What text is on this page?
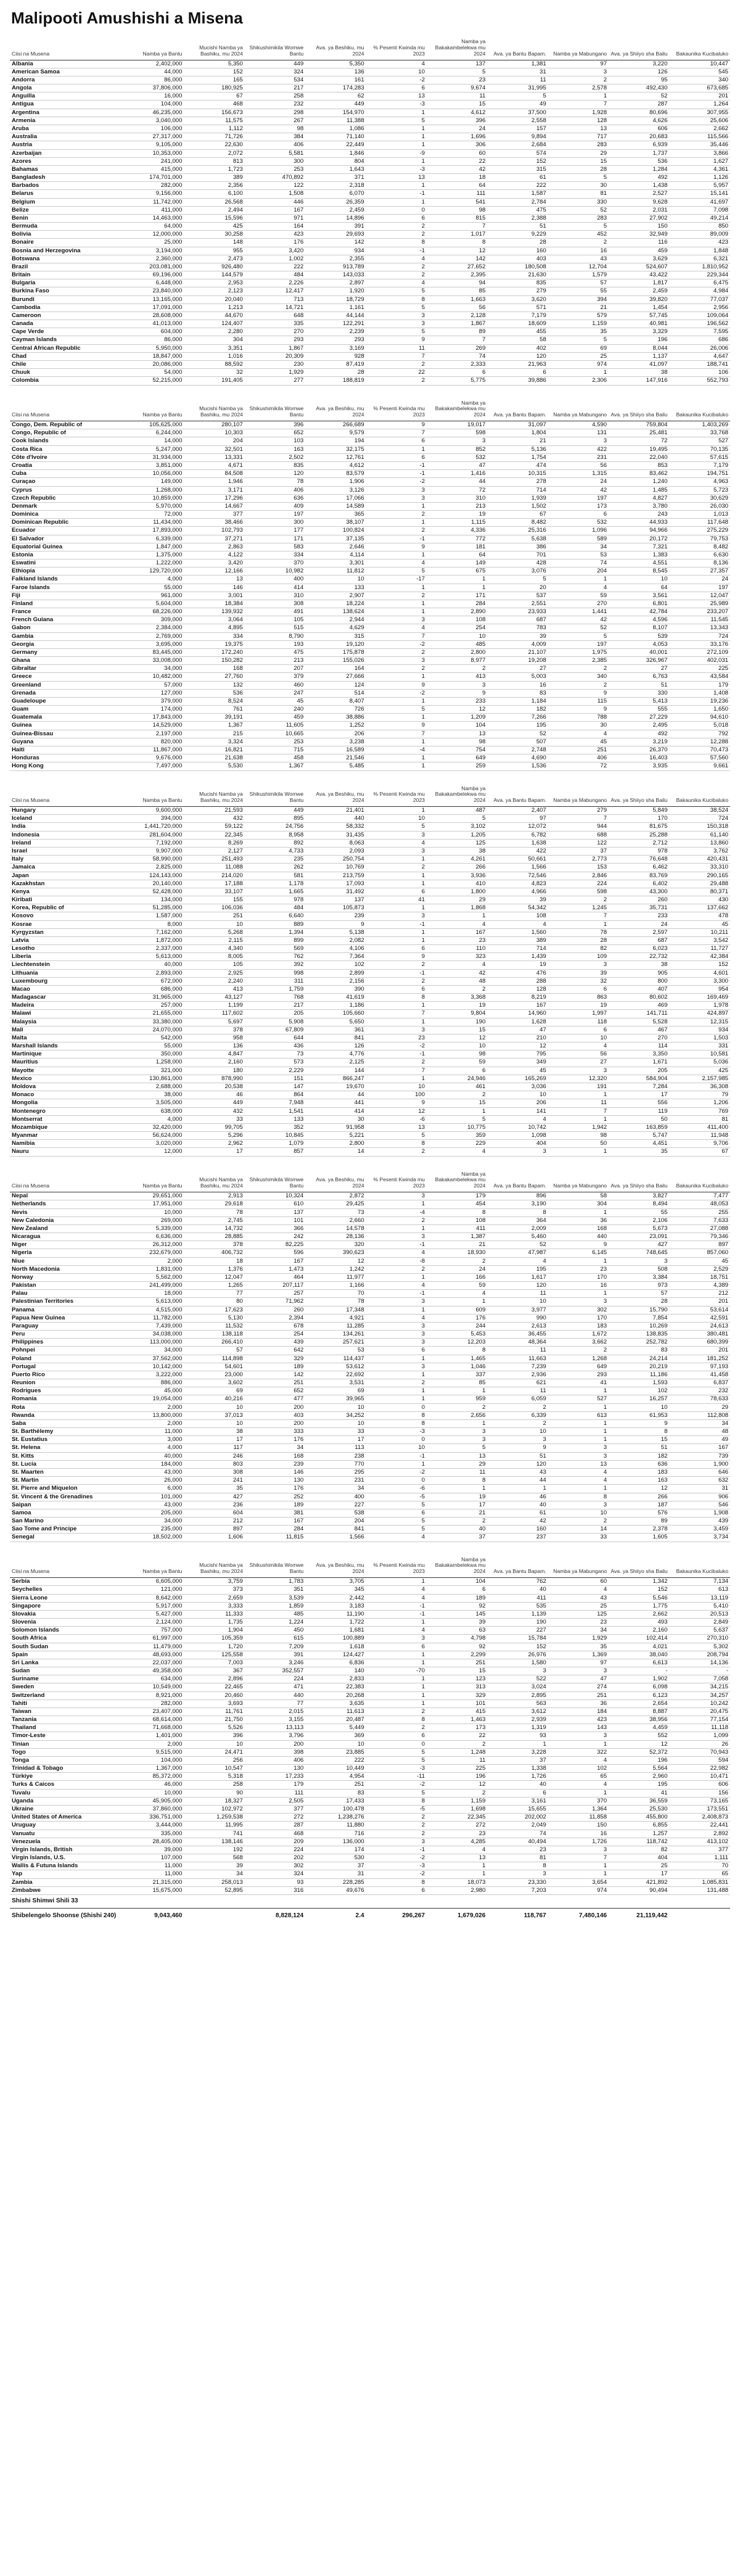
Malipooti Amushishi a Misena
Ciisi na Musena	Namba ya Bantu	Mucishi Namba ya Bashiku, mu 2024	Shikushimikila Womwe Bantu	Ava. ya Beshiku, mu 2024	% Pesenti Kwinda mu 2023	Namba ya Bakakambelekwa mu 2024	Ava. ya Bantu Bapam.	Namba ya Mabungano	Ava. ya Shiiyo sha Bailu	Bakaunika Kucibaluko
Albania	2,402,000	5,350	449	5,350	4	137	1,381	97	3,220	10,447
American Samoa	44,000	152	324	136	10	5	31	3	126	545
Andorra	86,000	165	534	161	-2	23	11	2	95	340
Angola	37,806,000	180,925	217	174,283	6	9,674	31,995	2,578	492,430	673,685
Anguilla	16,000	67	258	62	13	11	5	1	52	201
Antigua	104,000	468	232	449	-3	15	49	7	287	1,264
Argentina	46,235,000	156,673	298	154,970	1	4,612	37,500	1,928	80,696	307,955
Armenia	3,040,000	11,575	267	11,388	5	396	2,558	128	4,626	25,606
Aruba	106,000	1,112	98	1,086	1	24	157	13	606	2,662
Australia	27,317,000	71,726	384	71,140	1	1,696	9,894	717	20,683	115,566
Austria	9,105,000	22,630	406	22,449	1	306	2,684	283	6,939	35,446
Azerbaijan	10,353,000	2,072	5,581	1,846	-9	60	574	29	1,737	3,866
Azores	241,000	813	300	804	1	22	152	15	536	1,627
Bahamas	415,000	1,723	253	1,643	-3	42	315	28	1,284	4,361
Bangladesh	174,701,000	389	470,892	371	13	18	61	5	492	1,126
Barbados	282,000	2,356	122	2,318	1	64	222	30	1,438	5,957
Belarus	9,156,000	6,100	1,508	6,070	-1	111	1,587	81	2,527	15,141
Belgium	11,742,000	26,568	446	26,359	1	541	2,784	330	9,628	41,697
Belize	411,000	2,494	167	2,459	0	98	475	52	2,031	7,098
Benin	14,463,000	15,596	971	14,896	6	815	2,388	283	27,902	49,214
Bermuda	64,000	425	164	391	2	7	51	5	150	850
Bolivia	12,000,000	30,258	423	29,693	2	1,017	9,229	452	32,949	89,009
Bonaire	25,000	148	176	142	8	8	28	2	116	423
Bosnia and Herzegovina	3,194,000	955	3,420	934	-1	12	160	16	459	1,848
Botswana	2,360,000	2,473	1,002	2,355	4	142	403	43	3,629	6,321
Brazil	203,081,000	926,480	222	913,789	2	27,652	180,508	12,704	524,607	1,810,952
Britain	69,196,000	144,579	484	143,033	2	2,395	21,630	1,579	43,422	229,344
Bulgaria	6,448,000	2,953	2,226	2,897	4	94	835	57	1,817	6,475
Burkina Faso	23,840,000	2,123	12,417	1,920	5	85	279	55	2,459	4,984
Burundi	13,165,000	20,040	713	18,729	8	1,663	3,620	394	39,820	77,037
Cambodia	17,091,000	1,213	14,721	1,161	5	56	571	21	1,454	2,956
Cameroon	28,608,000	44,670	648	44,144	3	2,128	7,179	579	57,745	109,064
Canada	41,013,000	124,407	335	122,291	3	1,867	18,609	1,159	40,981	196,562
Cape Verde	604,000	2,280	270	2,239	5	89	455	35	3,329	7,595
Cayman Islands	86,000	304	293	293	9	7	58	5	196	686
Central African Republic	5,950,000	3,351	1,867	3,169	11	269	402	69	8,044	26,006
Chad	18,847,000	1,016	20,309	928	7	74	120	25	1,137	4,647
Chile	20,086,000	88,592	230	87,419	2	2,333	21,963	974	41,097	188,741
Chuuk	54,000	32	1,929	28	22	6	6	1	38	106
Colombia	52,215,000	191,405	277	188,819	2	5,775	39,886	2,306	147,916	552,793
Ciisi na Musena	Namba ya Bantu	Mucishi Namba ya Bashiku, mu 2024	Shikushimikila Womwe Bantu	Ava. ya Beshiku, mu 2024	% Pesenti Kwinda mu 2023	Namba ya Bakakambelekwa mu 2024	Ava. ya Bantu Bapam.	Namba ya Mabungano	Ava. ya Shiiyo sha Bailu	Bakaunika Kucibaluko
Congo, Dem. Republic of	105,625,000	280,107	396	266,689	9	19,017	31,097	4,590	759,804	1,403,269
Congo, Republic of	6,244,000	10,303	652	9,579	7	598	1,804	131	25,481	33,768
Cook Islands	14,000	204	103	194	6	3	21	3	72	527
Costa Rica	5,247,000	32,501	163	32,175	1	852	5,136	422	19,495	70,135
Côte d'Ivoire	31,934,000	13,331	2,502	12,761	6	532	1,754	231	22,040	57,615
Croatia	3,851,000	4,671	835	4,612	-1	47	474	56	853	7,179
Cuba	10,056,000	84,508	120	83,579	-1	1,416	10,315	1,315	83,462	194,751
Curaçao	149,000	1,946	78	1,906	-2	44	278	24	1,240	4,963
Cyprus	1,268,000	3,171	406	3,126	3	72	714	42	1,485	5,723
Czech Republic	10,859,000	17,296	636	17,066	3	310	1,939	197	4,827	30,629
Denmark	5,970,000	14,667	409	14,589	1	213	1,502	173	3,780	26,030
Dominica	72,000	377	197	365	2	19	67	6	243	1,013
Dominican Republic	11,434,000	38,466	300	38,107	1	1,115	8,482	532	44,933	117,648
Ecuador	17,893,000	102,793	177	100,824	2	4,336	25,316	1,096	94,966	275,229
El Salvador	6,339,000	37,271	171	37,135	-1	772	5,638	589	20,172	79,753
Equatorial Guinea	1,847,000	2,863	583	2,646	9	181	386	34	7,321	8,482
Estonia	1,375,000	4,122	334	4,114	1	64	701	53	1,383	6,630
Eswatini	1,222,000	3,420	370	3,301	4	149	428	74	4,551	8,136
Ethiopia	129,720,000	12,166	10,982	11,812	5	675	3,076	204	8,545	27,357
Falkland Islands	4,000	13	400	10	-17	1	5	1	10	24
Faroe Islands	55,000	146	414	133	1	1	20	4	64	197
Fiji	961,000	3,001	310	2,907	2	171	537	59	3,561	12,047
Finland	5,604,000	18,384	308	18,224	1	284	2,551	270	6,801	25,989
France	68,226,000	139,932	491	138,624	1	2,890	23,933	1,441	42,784	233,207
French Guiana	309,000	3,064	105	2,944	3	108	687	42	4,596	11,545
Gabon	2,384,000	4,895	515	4,629	4	254	783	52	8,107	13,343
Gambia	2,769,000	334	8,790	315	7	10	39	5	539	724
Georgia	3,695,000	19,375	193	19,120	-2	485	4,009	197	4,053	33,176
Germany	83,445,000	172,240	475	175,878	2	2,800	21,107	1,975	40,001	272,109
Ghana	33,008,000	150,282	213	155,026	3	8,977	19,208	2,385	326,967	402,031
Gibraltar	34,000	168	207	164	2	2	27	2	27	225
Greece	10,482,000	27,760	379	27,666	1	413	5,003	340	6,763	43,584
Greenland	57,000	132	460	124	9	3	16	2	51	179
Grenada	127,000	536	247	514	-2	9	83	9	330	1,408
Guadeloupe	379,000	8,524	45	8,407	1	233	1,184	115	5,413	19,236
Guam	174,000	761	240	726	5	12	182	9	555	1,650
Guatemala	17,843,000	39,191	459	38,886	1	1,209	7,266	788	27,229	94,610
Guinea	14,529,000	1,367	11,605	1,252	9	104	195	30	2,495	5,018
Guinea-Bissau	2,197,000	215	10,665	206	7	13	52	4	492	792
Guyana	820,000	3,324	253	3,238	1	98	507	45	3,219	12,288
Haiti	11,867,000	16,821	715	16,589	-4	754	2,748	251	26,370	70,473
Honduras	9,676,000	21,638	458	21,546	1	649	4,690	406	16,403	57,560
Hong Kong	7,497,000	5,530	1,367	5,485	1	259	1,536	72	3,935	9,661
Ciisi na Musena	Namba ya Bantu	Mucishi Namba ya Bashiku, mu 2024	Shikushimikila Womwe Bantu	Ava. ya Beshiku, mu 2024	% Pesenti Kwinda mu 2023	Namba ya Bakakambelekwa mu 2024	Ava. ya Bantu Bapam.	Namba ya Mabungano	Ava. ya Shiiyo sha Bailu	Bakaunika Kucibaluko
Hungary	9,600,000	21,593	449	21,401	1	487	2,407	279	5,849	38,524
Iceland	394,000	432	895	440	10	5	97	7	170	724
India	1,441,720,000	59,122	24,756	58,332	5	3,102	12,072	944	81,675	150,318
Indonesia	281,604,000	22,345	8,958	31,435	3	1,205	6,782	688	25,288	61,140
Ireland	7,192,000	8,269	892	8,063	4	125	1,638	122	2,712	13,860
Israel	9,907,000	2,127	4,733	2,093	3	38	422	37	978	3,762
Italy	58,990,000	251,493	235	250,754	1	4,261	50,661	2,773	76,648	420,431
Jamaica	2,825,000	11,088	262	10,769	2	266	1,566	153	6,462	33,310
Japan	124,143,000	214,020	581	213,759	1	3,936	72,546	2,846	83,769	290,165
Kazakhstan	20,140,000	17,188	1,178	17,093	1	410	4,823	224	6,402	29,488
Kenya	52,428,000	33,107	1,665	31,492	6	1,800	4,966	598	43,300	80,371
Kiribati	134,000	155	978	137	41	29	39	2	260	430
Korea, Republic of	51,285,000	106,036	484	105,873	1	1,868	54,342	1,245	35,731	137,662
Kosovo	1,587,000	251	6,640	239	3	1	108	7	233	478
Kosrae	8,000	10	889	9	-1	4	4	1	24	45
Kyrgyzstan	7,162,000	5,268	1,394	5,138	1	167	1,560	78	2,597	10,211
Latvia	1,872,000	2,115	899	2,082	1	23	389	28	687	3,542
Lesotho	2,337,000	4,340	569	4,106	6	110	714	82	6,023	11,727
Liberia	5,613,000	8,005	762	7,364	9	323	1,439	109	22,732	42,384
Liechtenstein	40,000	105	392	102	2	4	19	3	38	152
Lithuania	2,893,000	2,925	998	2,899	-1	42	476	39	905	4,601
Luxembourg	672,000	2,240	311	2,156	2	48	288	32	800	3,300
Macao	686,000	413	1,759	390	6	2	128	6	407	954
Madagascar	31,965,000	43,127	768	41,619	8	3,368	8,219	863	80,602	169,469
Madeira	257,000	1,199	217	1,186	1	19	167	19	469	1,978
Malawi	21,655,000	117,602	205	105,660	7	9,804	14,960	1,997	141,711	424,897
Malaysia	33,380,000	5,697	5,908	5,650	1	190	1,628	118	5,528	12,315
Mali	24,070,000	378	67,809	361	3	15	47	6	467	934
Malta	542,000	958	644	841	23	12	210	10	270	1,503
Marshall Islands	55,000	136	436	126	-2	10	12	4	114	331
Martinique	350,000	4,847	73	4,776	-1	98	795	56	3,350	10,581
Mauritius	1,258,000	2,160	573	2,125	2	59	349	27	1,671	5,036
Mayotte	321,000	180	2,229	144	7	6	45	3	205	425
Mexico	130,861,000	878,990	151	866,247	1	24,946	165,269	12,320	584,904	2,157,985
Moldova	2,688,000	20,538	147	19,670	10	461	3,036	191	7,284	36,308
Monaco	38,000	46	864	44	100	2	10	1	17	79
Mongolia	3,505,000	449	7,948	441	9	15	206	11	556	1,206
Montenegro	638,000	432	1,541	414	12	1	141	7	119	769
Montserrat	4,000	33	133	30	-6	5	4	1	50	81
Mozambique	32,420,000	99,705	352	91,958	13	10,775	10,742	1,942	163,859	411,400
Myanmar	56,624,000	5,296	10,845	5,221	5	359	1,098	98	5,747	11,948
Namibia	3,020,000	2,962	1,079	2,800	8	229	404	50	4,451	9,706
Nauru	12,000	17	857	14	2	4	3	1	35	67
Ciisi na Musena	Namba ya Bantu	Mucishi Namba ya Bashiku, mu 2024	Shikushimikila Womwe Bantu	Ava. ya Beshiku, mu 2024	% Pesenti Kwinda mu 2023	Namba ya Bakakambelekwa mu 2024	Ava. ya Bantu Bapam.	Namba ya Mabungano	Ava. ya Shiiyo sha Bailu	Bakaunika Kucibaluko
Nepal	29,651,000	2,913	10,324	2,872	3	179	896	58	3,827	7,477
Netherlands	17,951,000	29,618	610	29,425	1	454	3,190	304	8,494	48,053
Nevis	10,000	78	137	73	-4	8	8	1	55	255
New Caledonia	269,000	2,745	101	2,660	2	108	364	36	2,106	7,633
New Zealand	5,339,000	14,732	366	14,578	1	411	2,009	168	5,673	27,088
Nicaragua	6,636,000	28,885	242	28,136	3	1,387	5,460	440	23,091	79,346
Niger	26,312,000	378	82,225	320	-1	21	52	9	427	897
Nigeria	232,679,000	406,732	596	390,623	4	18,930	47,987	6,145	748,645	857,060
Niue	2,000	18	167	12	-8	2	4	1	3	45
North Macedonia	1,831,000	1,376	1,473	1,242	2	24	195	23	508	2,529
Norway	5,562,000	12,047	464	11,977	1	166	1,617	170	3,384	18,751
Pakistan	241,499,000	1,265	207,117	1,166	4	59	120	16	973	4,389
Palau	18,000	77	257	70	-1	4	11	1	57	212
Palestinian Territories	5,613,000	80	71,962	78	3	1	10	3	28	201
Panama	4,515,000	17,623	260	17,348	1	609	3,977	302	15,790	53,614
Papua New Guinea	11,782,000	5,130	2,394	4,921	4	176	990	170	7,854	42,591
Paraguay	7,439,000	11,532	678	11,285	3	244	2,613	183	10,269	24,613
Peru	34,038,000	138,118	254	134,261	3	5,453	36,455	1,672	138,835	380,481
Philippines	113,000,000	266,410	439	257,621	3	12,203	48,364	3,662	252,782	680,399
Pohnpei	34,000	57	642	53	6	8	11	2	83	201
Poland	37,562,000	114,898	329	114,437	1	1,465	11,663	1,268	24,214	181,252
Portugal	10,142,000	54,601	189	53,612	3	1,046	7,239	649	20,219	97,193
Puerto Rico	3,222,000	23,000	142	22,692	1	337	2,936	293	11,186	41,458
Reunion	886,000	3,602	251	3,531	2	85	621	41	1,593	6,837
Rodrigues	45,000	69	652	69	1	1	11	1	102	232
Romania	19,054,000	40,216	477	39,965	1	959	6,059	527	16,257	78,633
Rota	2,000	10	200	10	0	2	2	1	10	29
Rwanda	13,800,000	37,013	403	34,252	8	2,656	6,339	613	61,953	112,808
Saba	2,000	10	200	10	8	1	2	1	9	34
St. Barthélemy	11,000	38	333	33	-3	3	10	1	8	48
St. Eustatius	3,000	17	176	17	0	3	3	1	15	49
St. Helena	4,000	117	34	113	10	5	9	3	51	167
St. Kitts	40,000	246	168	238	-1	13	51	3	182	739
St. Lucia	184,000	803	239	770	1	29	120	13	636	1,900
St. Maarten	43,000	308	146	295	-2	11	43	4	183	646
St. Martin	26,000	241	130	231	0	8	44	4	163	632
St. Pierre and Miquelon	6,000	35	176	34	-6	1	1	1	12	31
St. Vincent & the Grenadines	101,000	427	252	400	-5	19	46	8	266	906
Saipan	43,000	236	189	227	5	17	40	3	187	546
Samoa	205,000	604	381	538	6	21	61	10	576	1,908
San Marino	34,000	212	167	204	5	2	42	2	89	439
Sao Tome and Principe	235,000	897	284	841	5	40	160	14	2,378	3,459
Senegal	18,502,000	1,606	11,815	1,566	4	37	237	33	1,605	3,734
Ciisi na Musena	Namba ya Bantu	Mucishi Namba ya Bashiku, mu 2024	Shikushimikila Womwe Bantu	Ava. ya Beshiku, mu 2024	% Pesenti Kwinda mu 2023	Namba ya Bakakambelekwa mu 2024	Ava. ya Bantu Bapam.	Namba ya Mabungano	Ava. ya Shiiyo sha Bailu	Bakaunika Kucibaluko
Serbia	6,605,000	3,759	1,783	3,705	1	104	762	60	1,342	7,134
Seychelles	121,000	373	351	345	4	6	40	4	152	613
Sierra Leone	8,642,000	2,659	3,539	2,442	4	189	411	43	5,546	13,119
Singapore	5,917,000	3,333	1,859	3,183	-1	92	535	25	1,775	5,410
Slovakia	5,427,000	11,333	485	11,190	-1	145	1,139	125	2,662	20,513
Slovenia	2,124,000	1,735	1,224	1,722	1	39	190	23	493	2,849
Solomon Islands	757,000	1,904	450	1,681	4	63	227	34	2,160	5,637
South Africa	61,997,000	105,359	615	100,889	3	4,798	15,784	1,929	102,414	270,310
South Sudan	11,479,000	1,720	7,209	1,618	6	92	152	35	4,021	5,302
Spain	48,693,000	125,558	391	124,427	1	2,299	26,976	1,369	38,040	208,794
Sri Lanka	22,037,000	7,003	3,246	6,836	1	251	1,580	97	6,613	14,136
Sudan	49,358,000	367	352,557	140	-70	15	3	3	-	-
Suriname	634,000	2,896	224	2,833	1	123	522	47	1,902	7,058
Sweden	10,549,000	22,465	471	22,383	1	313	3,024	274	6,098	34,215
Switzerland	8,921,000	20,460	440	20,268	1	329	2,895	251	6,123	34,257
Tahiti	282,000	3,693	77	3,635	1	101	563	36	2,654	10,242
Taiwan	23,407,000	11,761	2,015	11,613	2	415	3,612	184	8,887	20,475
Tanzania	68,614,000	21,750	3,155	20,487	8	1,463	2,939	423	38,956	77,154
Thailand	71,668,000	5,526	13,113	5,449	2	173	1,319	143	4,459	11,118
Timor-Leste	1,401,000	396	3,796	369	6	22	93	3	552	1,099
Tinian	2,000	10	200	10	0	2	1	1	12	26
Togo	9,515,000	24,471	398	23,885	5	1,248	3,228	322	52,372	70,943
Tonga	104,000	256	406	222	5	11	37	4	196	594
Trinidad & Tobago	1,367,000	10,547	130	10,449	-3	225	1,338	102	5,564	22,982
Türkiye	85,372,000	5,318	17,233	4,954	-11	196	1,726	65	2,960	10,471
Turks & Caicos	46,000	258	179	251	-2	12	40	4	195	606
Tuvalu	10,000	90	111	83	5	2	6	1	41	156
Uganda	45,905,000	18,327	2,505	17,433	8	1,159	3,161	370	36,559	73,165
Ukraine	37,860,000	102,972	377	100,478	-5	1,698	15,655	1,364	25,530	173,551
United States of America	336,751,000	1,259,538	272	1,238,276	2	22,345	202,002	11,858	455,800	2,408,873
Uruguay	3,444,000	11,995	287	11,880	2	272	2,049	150	6,855	22,441
Vanuatu	335,000	741	468	716	2	23	74	16	1,257	2,892
Venezuela	28,405,000	138,146	209	136,000	3	4,285	40,494	1,726	118,742	413,102
Virgin Islands, British	39,000	192	224	174	-1	4	23	3	82	377
Virgin Islands, U.S.	107,000	568	202	530	-2	13	81	7	404	1,111
Wallis & Futuna Islands	11,000	39	302	37	-3	1	8	1	25	70
Yap	11,000	34	324	31	-2	1	3	1	17	65
Zambia	21,315,000	258,013	93	228,285	8	18,073	23,330	3,654	421,892	1,085,831
Zimbabwe	15,675,000	52,895	316	49,676	6	2,980	7,203	974	90,494	131,488
Shishi Shimwi Shili 33										
Shibelengelo Shoonse (Shishi 240)	9,043,460		8,828,124	2.4	296,267	1,679,026	118,767	7,480,146	21,119,442	
